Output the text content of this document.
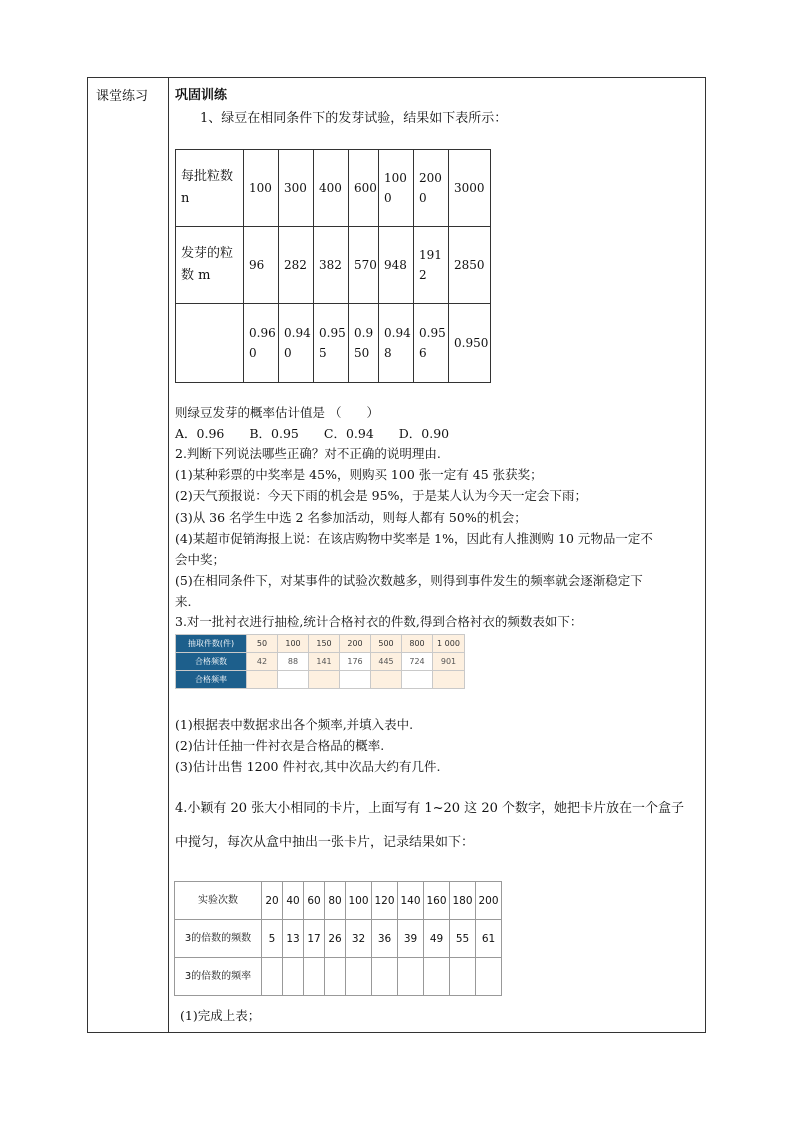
课堂练习 巩固训练
1、绿豆在相同条件下的发芽试验，结果如下表所示：
每批粒数 n	100	300	400	600	1000	2000	3000

发芽的粒数 m	96	282	382	570	948	1912	2850

	0.960	0.940	0.955	0.950	0.948	0.956	0.950
则绿豆发芽的概率估计值是 （　　）
A．0.96　　B．0.95　　C．0.94　　D．0.90
2.判断下列说法哪些正确？对不正确的说明理由.
(1)某种彩票的中奖率是 45%，则购买 100 张一定有 45 张获奖；
(2)天气预报说：今天下雨的机会是 95%，于是某人认为今天一定会下雨；
(3)从 36 名学生中选 2 名参加活动，则每人都有 50%的机会；
(4)某超市促销海报上说：在该店购物中奖率是 1%，因此有人推测购 10 元物品一定不
会中奖；
(5)在相同条件下，对某事件的试验次数越多，则得到事件发生的频率就会逐渐稳定下
来.
3.对一批衬衣进行抽检,统计合格衬衣的件数,得到合格衬衣的频数表如下：
抽取件数(件)	50	100	150	200	500	800	1 000
合格频数	42	88	141	176	445	724	901
合格频率							
(1)根据表中数据求出各个频率,并填入表中.
(2)估计任抽一件衬衣是合格品的概率.
(3)估计出售 1200 件衬衣,其中次品大约有几件.
4.小颖有 20 张大小相同的卡片，上面写有 1~20 这 20 个数字，她把卡片放在一个盒子
中搅匀，每次从盒中抽出一张卡片，记录结果如下：
实验次数	20	40	60	80	100	120	140	160	180	200
3的倍数的频数	5	13	17	26	32	36	39	49	55	61
3的倍数的频率										
(1)完成上表；
